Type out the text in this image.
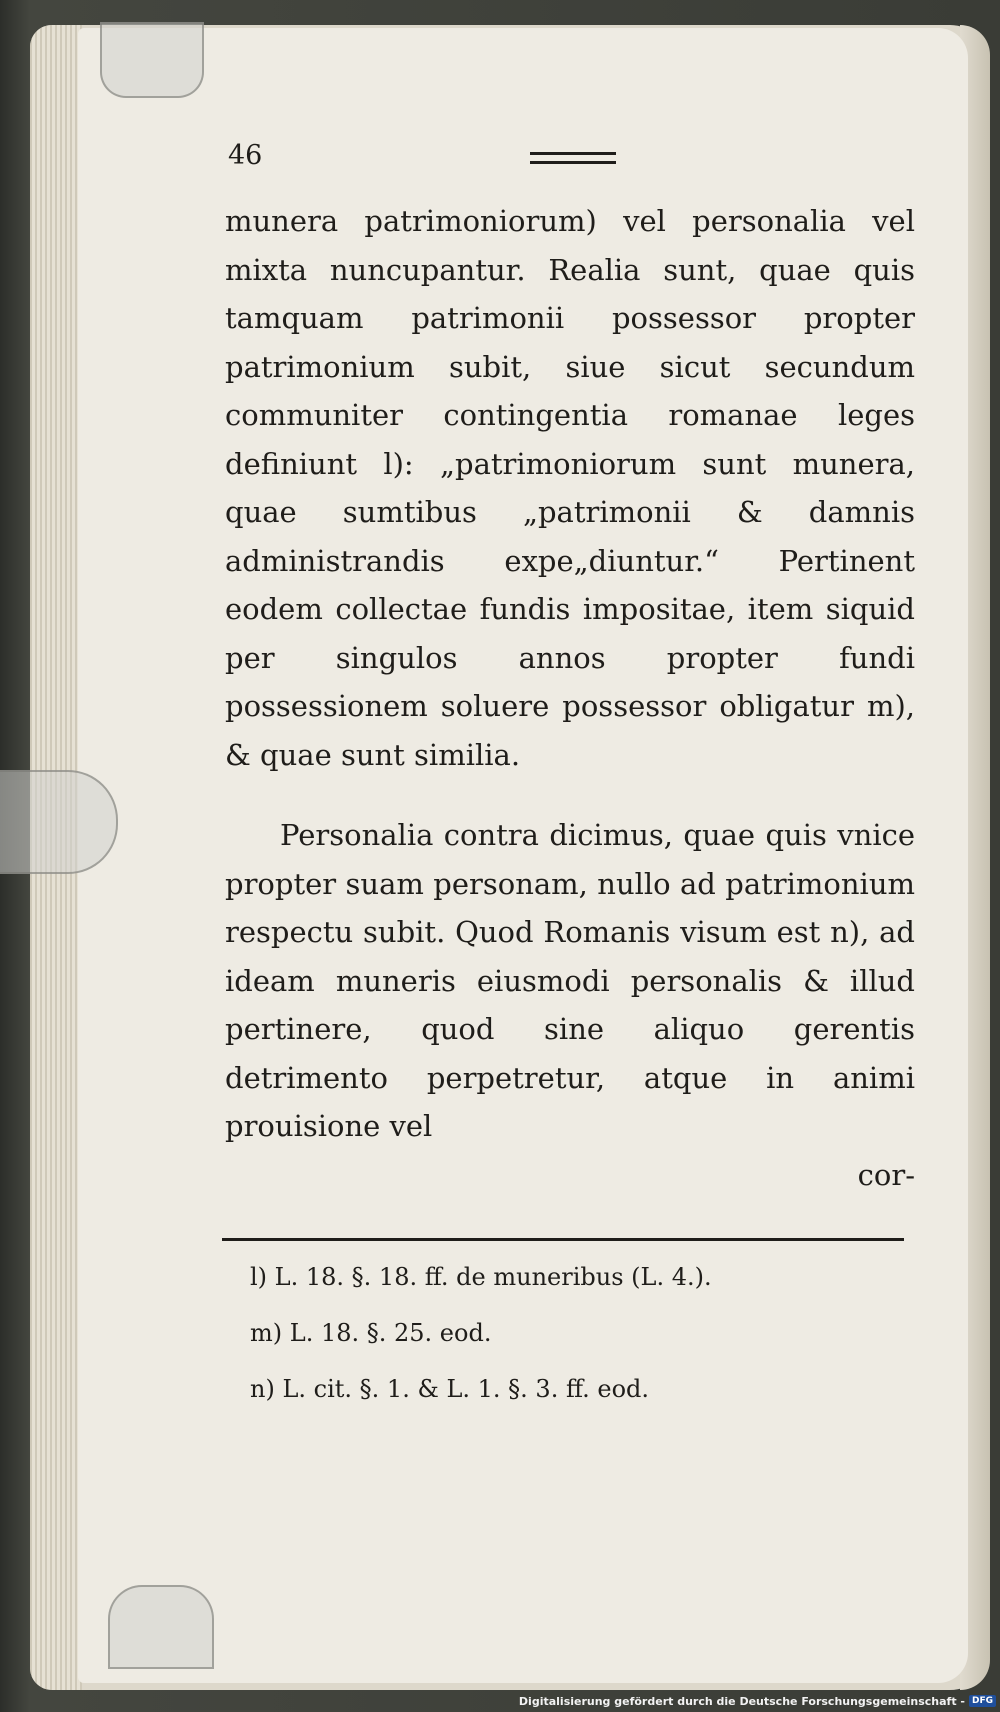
46

munera patrimoniorum) vel personalia vel mixta nuncupantur. Realia sunt, quae quis tamquam patrimonii possessor propter patrimonium subit, siue sicut secundum communiter contingentia romanae leges definiunt l): „patrimoniorum sunt munera, quae sumtibus „patrimonii & damnis administrandis expe„diuntur.“ Pertinent eodem collectae fundis impositae, item siquid per singulos annos propter fundi possessionem soluere possessor obligatur m), & quae sunt similia.

Personalia contra dicimus, quae quis vnice propter suam personam, nullo ad patrimonium respectu subit. Quod Romanis visum est n), ad ideam muneris eiusmodi personalis & illud pertinere, quod sine aliquo gerentis detrimento perpetretur, atque in animi prouisione vel

cor-

l) L. 18. §. 18. ff. de muneribus (L. 4.).
m) L. 18. §. 25. eod.
n) L. cit. §. 1. & L. 1. §. 3. ff. eod.
Digitalisierung gefördert durch die Deutsche Forschungsgemeinschaft - DFG
